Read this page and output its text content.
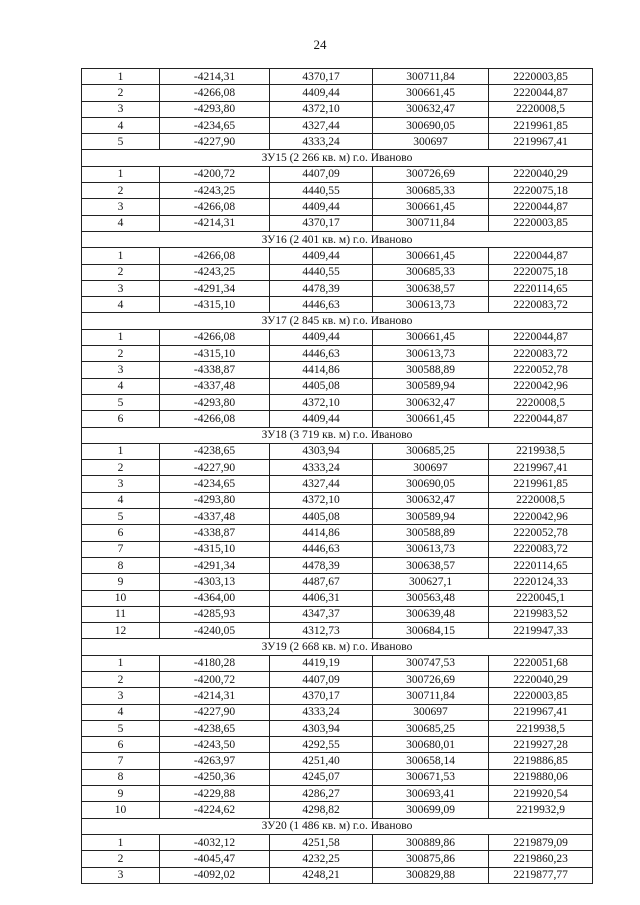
24
1	-4214,31	4370,17	300711,84	2220003,85
2	-4266,08	4409,44	300661,45	2220044,87
3	-4293,80	4372,10	300632,47	2220008,5
4	-4234,65	4327,44	300690,05	2219961,85
5	-4227,90	4333,24	300697	2219967,41
ЗУ15 (2 266 кв. м) г.о. Иваново				
1	-4200,72	4407,09	300726,69	2220040,29
2	-4243,25	4440,55	300685,33	2220075,18
3	-4266,08	4409,44	300661,45	2220044,87
4	-4214,31	4370,17	300711,84	2220003,85
ЗУ16 (2 401 кв. м) г.о. Иваново				
1	-4266,08	4409,44	300661,45	2220044,87
2	-4243,25	4440,55	300685,33	2220075,18
3	-4291,34	4478,39	300638,57	2220114,65
4	-4315,10	4446,63	300613,73	2220083,72
ЗУ17 (2 845 кв. м) г.о. Иваново				
1	-4266,08	4409,44	300661,45	2220044,87
2	-4315,10	4446,63	300613,73	2220083,72
3	-4338,87	4414,86	300588,89	2220052,78
4	-4337,48	4405,08	300589,94	2220042,96
5	-4293,80	4372,10	300632,47	2220008,5
6	-4266,08	4409,44	300661,45	2220044,87
ЗУ18 (3 719 кв. м) г.о. Иваново				
1	-4238,65	4303,94	300685,25	2219938,5
2	-4227,90	4333,24	300697	2219967,41
3	-4234,65	4327,44	300690,05	2219961,85
4	-4293,80	4372,10	300632,47	2220008,5
5	-4337,48	4405,08	300589,94	2220042,96
6	-4338,87	4414,86	300588,89	2220052,78
7	-4315,10	4446,63	300613,73	2220083,72
8	-4291,34	4478,39	300638,57	2220114,65
9	-4303,13	4487,67	300627,1	2220124,33
10	-4364,00	4406,31	300563,48	2220045,1
11	-4285,93	4347,37	300639,48	2219983,52
12	-4240,05	4312,73	300684,15	2219947,33
ЗУ19 (2 668 кв. м) г.о. Иваново				
1	-4180,28	4419,19	300747,53	2220051,68
2	-4200,72	4407,09	300726,69	2220040,29
3	-4214,31	4370,17	300711,84	2220003,85
4	-4227,90	4333,24	300697	2219967,41
5	-4238,65	4303,94	300685,25	2219938,5
6	-4243,50	4292,55	300680,01	2219927,28
7	-4263,97	4251,40	300658,14	2219886,85
8	-4250,36	4245,07	300671,53	2219880,06
9	-4229,88	4286,27	300693,41	2219920,54
10	-4224,62	4298,82	300699,09	2219932,9
ЗУ20 (1 486 кв. м) г.о. Иваново				
1	-4032,12	4251,58	300889,86	2219879,09
2	-4045,47	4232,25	300875,86	2219860,23
3	-4092,02	4248,21	300829,88	2219877,77
